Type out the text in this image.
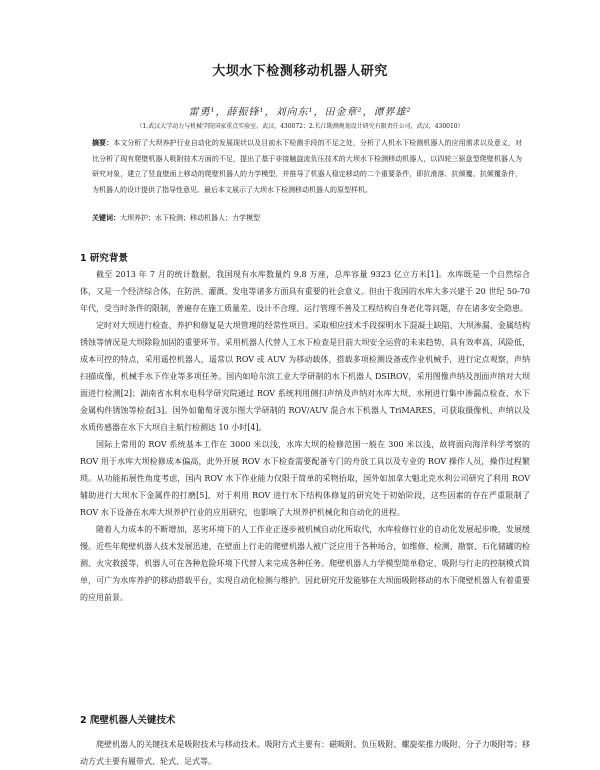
大坝水下检测移动机器人研究
雷勇¹，薛振锋¹，刘向东¹，田金章²，谭界雄²
（1.武汉大学动力与机械学院国家重点实验室，武汉，430072；2.长江勘测规划设计研究有限责任公司，武汉，430010）
摘要：本文分析了大坝养护行业自动化的发展现状以及目前水下检测手段的不足之处，分析了人机水下检测机器人的应用需求以及意义，对比分析了现有爬壁机器人吸附技术方面的不足，提出了基于非接触旋流负压技术的大坝水下检测移动机器人，以四轮三驱盘型爬壁机器人为研究对象，建立了竖直壁面上移动的爬壁机器人的力学模型，并推导了机器人稳定移动的二个重要条件，即抗滑落、抗倾覆、抗倾覆条件，为机器人的设计提供了指导性意见。最后本文展示了大坝水下检测移动机器人的原型样机。
关键词：大坝养护；水下检测；移动机器人；力学模型
1 研究背景

截至 2013 年 7 月的统计数据，我国现有水库数量约 9.8 万座，总库容量 9323 亿立方米[1]。水库既是一个自然综合体，又是一个经济综合体，在防洪、灌溉、发电等诸多方面具有重要的社会意义。但由于我国的水库大多兴建于 20 世纪 50-70 年代，受当时条件的限制，普遍存在施工质量差、设计不合理、运行管理不善及工程结构自身老化等问题，存在诸多安全隐患。

定时对大坝进行检查、养护和修复是大坝管理的经常性项目。采取相应技术手段探明水下混凝土缺陷、大坝渗漏、金属结构锈蚀等情况是大坝除险加固的重要环节。采用机器人代替人工水下检查是目前大坝安全运营的未来趋势，具有效率高，风险低，成本可控的特点，采用遥控机器人，遥常以 ROV 或 AUV 为移动载体，搭载多项检测设备或作业机械手，进行定点观察，声纳扫描成像，机械手水下作业等多项任务。国内如哈尔滨工业大学研制的水下机器人 DSIROV，采用图像声纳及剖面声纳对大坝面进行检测[2]；湖南省水利水电科学研究院通过 ROV 系统利用侧扫声纳及声纳对水库大坝、水闸进行集中渗漏点检查、水下金属构件锈蚀等检查[3]。国外如葡萄牙波尔图大学研制的 ROV/AUV 混合水下机器人 TriMARES，可获取摄像机、声纳以及水质传感器在水下大坝自主航行检测达 10 小时[4]。

国际上常用的 ROV 系统基本工作在 3000 米以浅，水库大坝的检修范围一般在 300 米以浅，故将面向海洋科学考察的 ROV 用于水库大坝检修成本偏高，此外开展 ROV 水下检查需要配备专门的舟放工具以及专业的 ROV 操作人员，操作过程繁琐。从功能拓展性角度考虑，国内 ROV 水下作业能力仅限于简单的采物抬取，国外如加拿大魁北克水利公司研究了利用 ROV 辅助进行大坝水下金属件的打磨[5]，对于利用 ROV 进行水下结构体修复的研究处于初始阶段，这些因素的存在严重限制了 ROV 水下设备在水库大坝养护行业的应用研究，也影响了大坝养护机械化和自动化的进程。

随着人力成本的不断增加，恶劣环境下的人工作业正逐步被机械自动化所取代，水库检修行业的自动化发展起步晚，发展缓慢。近些年爬壁机器人技术发展迅速，在壁面上行走的爬壁机器人被广泛应用于各种场合，如维修、检测、勘察、石化储罐的检测、火灾救援等，机器人可在各种危险环境下代替人来完成各种任务。爬壁机器人力学模型简单稳定、吸附与行走的控制模式简单，可广为水库养护的移动搭载平台，实现自动化检测与维护。因此研究开发能够在大坝面吸附移动的水下爬壁机器人有着重要的应用前景。

2 爬壁机器人关键技术

爬壁机器人的关键技术是吸附技术与移动技术。吸附方式主要有：磁吸附、负压吸附、螺旋桨推力吸附、分子力吸附等；移动方式主要有履带式、轮式、足式等。
